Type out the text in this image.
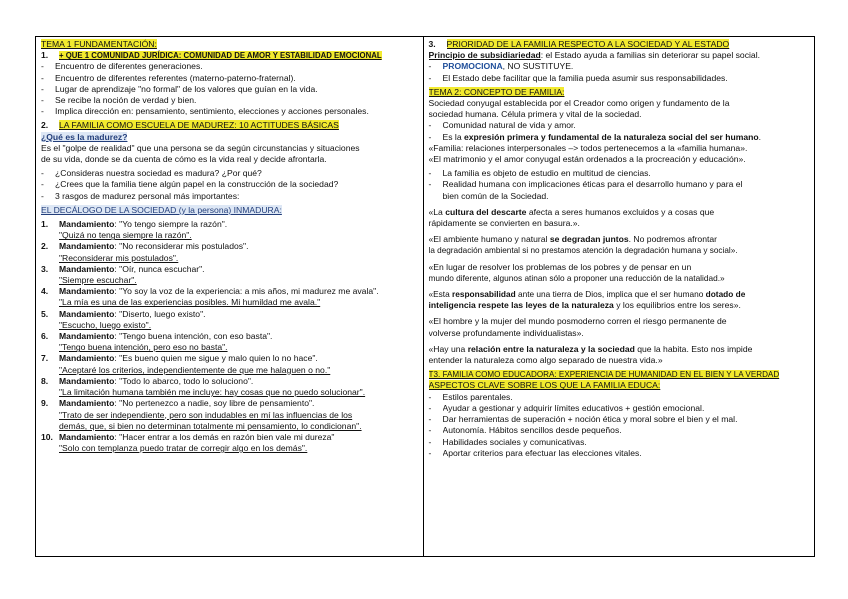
TEMA 1 FUNDAMENTACIÓN:
1.	+ QUE 1 COMUNIDAD JURÍDICA: COMUNIDAD DE AMOR Y ESTABILIDAD EMOCIONAL
-	Encuentro de diferentes generaciones.
-	Encuentro de diferentes referentes (materno-paterno-fraternal).
-	Lugar de aprendizaje "no formal" de los valores que guían en la vida.
-	Se recibe la noción de verdad y bien.
-	Implica dirección en: pensamiento, sentimiento, elecciones y acciones personales.
2.	LA FAMILIA COMO ESCUELA DE MADUREZ: 10 ACTITUDES BÁSICAS
¿Qué es la madurez?
Es el "golpe de realidad" que una persona se da según circunstancias y situaciones
de su vida, donde se da cuenta de cómo es la vida real y decide afrontarla.
-	¿Consideras nuestra sociedad es madura? ¿Por qué?
-	¿Crees que la familia tiene algún papel en la construcción de la sociedad?
-	3 rasgos de madurez personal más importantes:
EL DECÁLOGO DE LA SOCIEDAD (y la persona) INMADURA:
1.	Mandamiento: "Yo tengo siempre la razón".
"Quizá no tenga siempre la razón".
2.	Mandamiento: "No reconsiderar mis postulados".
"Reconsiderar mis postulados".
3.	Mandamiento: "Oír, nunca escuchar".
"Siempre escuchar".
4.	Mandamiento: "Yo soy la voz de la experiencia: a mis años, mi madurez me avala".
"La mía es una de las experiencias posibles. Mi humildad me avala."
5.	Mandamiento: "Diserto, luego existo".
"Escucho, luego existo".
6.	Mandamiento: "Tengo buena intención, con eso basta".
"Tengo buena intención, pero eso no basta".
7.	Mandamiento: "Es bueno quien me sigue y malo quien lo no hace".
"Aceptaré los criterios, independientemente de que me halaguen o no."
8.	Mandamiento: "Todo lo abarco, todo lo soluciono".
"La limitación humana también me incluye: hay cosas que no puedo solucionar".
9.	Mandamiento: "No pertenezco a nadie, soy libre de pensamiento".
"Trato de ser independiente, pero son indudables en mí las influencias de los
demás, que, si bien no determinan totalmente mi pensamiento, lo condicionan".
10. Mandamiento: "Hacer entrar a los demás en razón bien vale mi dureza"
"Solo con templanza puedo tratar de corregir algo en los demás".
3.	PRIORIDAD DE LA FAMILIA RESPECTO A LA SOCIEDAD Y AL ESTADO
Principio de subsidiariedad: el Estado ayuda a familias sin deteriorar su papel social.
-	PROMOCIONA, NO SUSTITUYE.
-	El Estado debe facilitar que la familia pueda asumir sus responsabilidades.
TEMA 2: CONCEPTO DE FAMILIA:
Sociedad conyugal establecida por el Creador como origen y fundamento de la
sociedad humana. Célula primera y vital de la sociedad.
-	Comunidad natural de vida y amor.
-	Es la expresión primera y fundamental de la naturaleza social del ser humano.
«Familia: relaciones interpersonales –> todos pertenecemos a la «familia humana».
«El matrimonio y el amor conyugal están ordenados a la procreación y educación».
-	La familia es objeto de estudio en multitud de ciencias.
-	Realidad humana con implicaciones éticas para el desarrollo humano y para el
bien común de la Sociedad.
«La cultura del descarte afecta a seres humanos excluidos y a cosas que
rápidamente se convierten en basura.».
«El ambiente humano y natural se degradan juntos. No podremos afrontar
la degradación ambiental si no prestamos atención la degradación humana y social».
«En lugar de resolver los problemas de los pobres y de pensar en un
mundo diferente, algunos atinan sólo a proponer una reducción de la natalidad.»
«Esta responsabilidad ante una tierra de Dios, implica que el ser humano dotado de
inteligencia respete las leyes de la naturaleza y los equilibrios entre los seres».
«El hombre y la mujer del mundo posmoderno corren el riesgo permanente de
volverse profundamente individualistas».
«Hay una relación entre la naturaleza y la sociedad que la habita. Esto nos impide
entender la naturaleza como algo separado de nuestra vida.»
T3. FAMILIA COMO EDUCADORA: EXPERIENCIA DE HUMANIDAD EN EL BIEN Y LA VERDAD
ASPECTOS CLAVE SOBRE LOS QUE LA FAMILIA EDUCA:
-	Estilos parentales.
-	Ayudar a gestionar y adquirir límites educativos + gestión emocional.
-	Dar herramientas de superación + noción ética y moral sobre el bien y el mal.
-	Autonomía. Hábitos sencillos desde pequeños.
-	Habilidades sociales y comunicativas.
-	Aportar criterios para efectuar las elecciones vitales.
